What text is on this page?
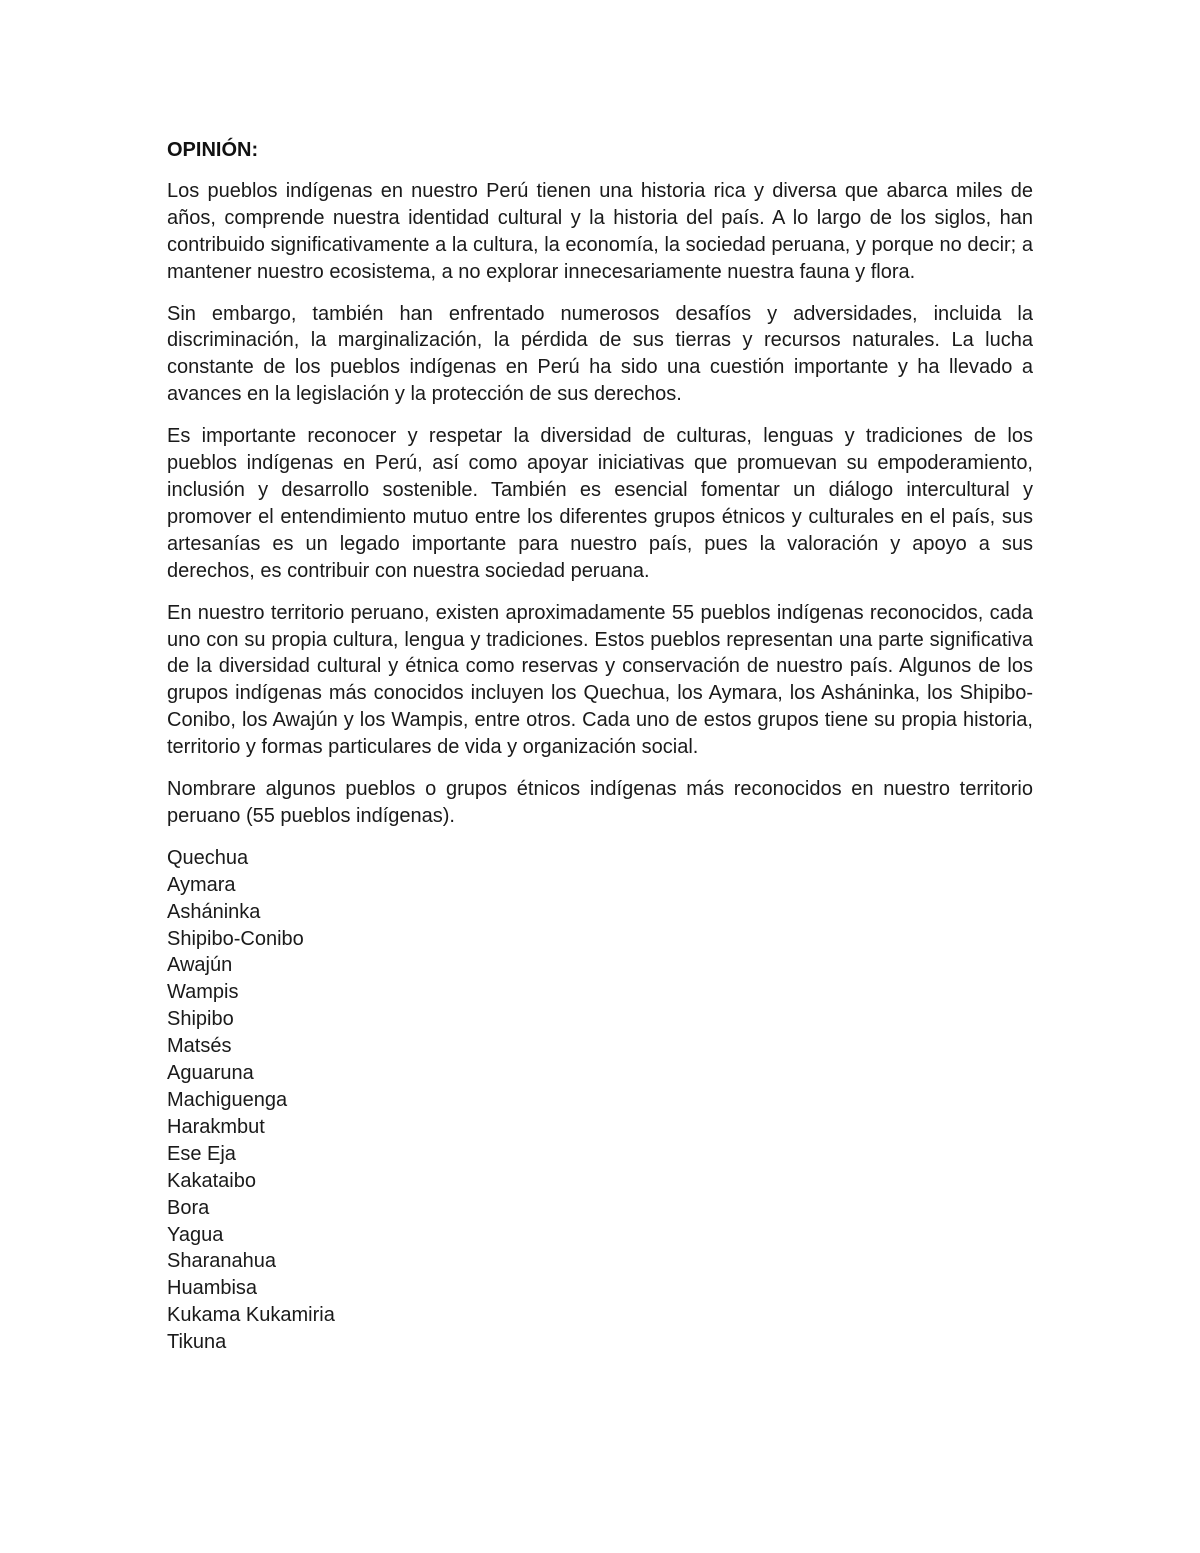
OPINIÓN:

Los pueblos indígenas en nuestro Perú tienen una historia rica y diversa que abarca miles de años, comprende nuestra identidad cultural y la historia del país. A lo largo de los siglos, han contribuido significativamente a la cultura, la economía, la sociedad peruana, y porque no decir; a mantener nuestro ecosistema, a no explorar innecesariamente nuestra fauna y flora.

Sin embargo, también han enfrentado numerosos desafíos y adversidades, incluida la discriminación, la marginalización, la pérdida de sus tierras y recursos naturales. La lucha constante de los pueblos indígenas en Perú ha sido una cuestión importante y ha llevado a avances en la legislación y la protección de sus derechos.

Es importante reconocer y respetar la diversidad de culturas, lenguas y tradiciones de los pueblos indígenas en Perú, así como apoyar iniciativas que promuevan su empoderamiento, inclusión y desarrollo sostenible. También es esencial fomentar un diálogo intercultural y promover el entendimiento mutuo entre los diferentes grupos étnicos y culturales en el país, sus artesanías es un legado importante para nuestro país, pues la valoración y apoyo a sus derechos, es contribuir con nuestra sociedad peruana.

En nuestro territorio peruano, existen aproximadamente 55 pueblos indígenas reconocidos, cada uno con su propia cultura, lengua y tradiciones. Estos pueblos representan una parte significativa de la diversidad cultural y étnica como reservas y conservación de nuestro país. Algunos de los grupos indígenas más conocidos incluyen los Quechua, los Aymara, los Asháninka, los Shipibo-Conibo, los Awajún y los Wampis, entre otros. Cada uno de estos grupos tiene su propia historia, territorio y formas particulares de vida y organización social.

Nombrare algunos pueblos o grupos étnicos indígenas más reconocidos en nuestro territorio peruano (55 pueblos indígenas).

Quechua
Aymara
Asháninka
Shipibo-Conibo
Awajún
Wampis
Shipibo
Matsés
Aguaruna
Machiguenga
Harakmbut
Ese Eja
Kakataibo
Bora
Yagua
Sharanahua
Huambisa
Kukama Kukamiria
Tikuna
